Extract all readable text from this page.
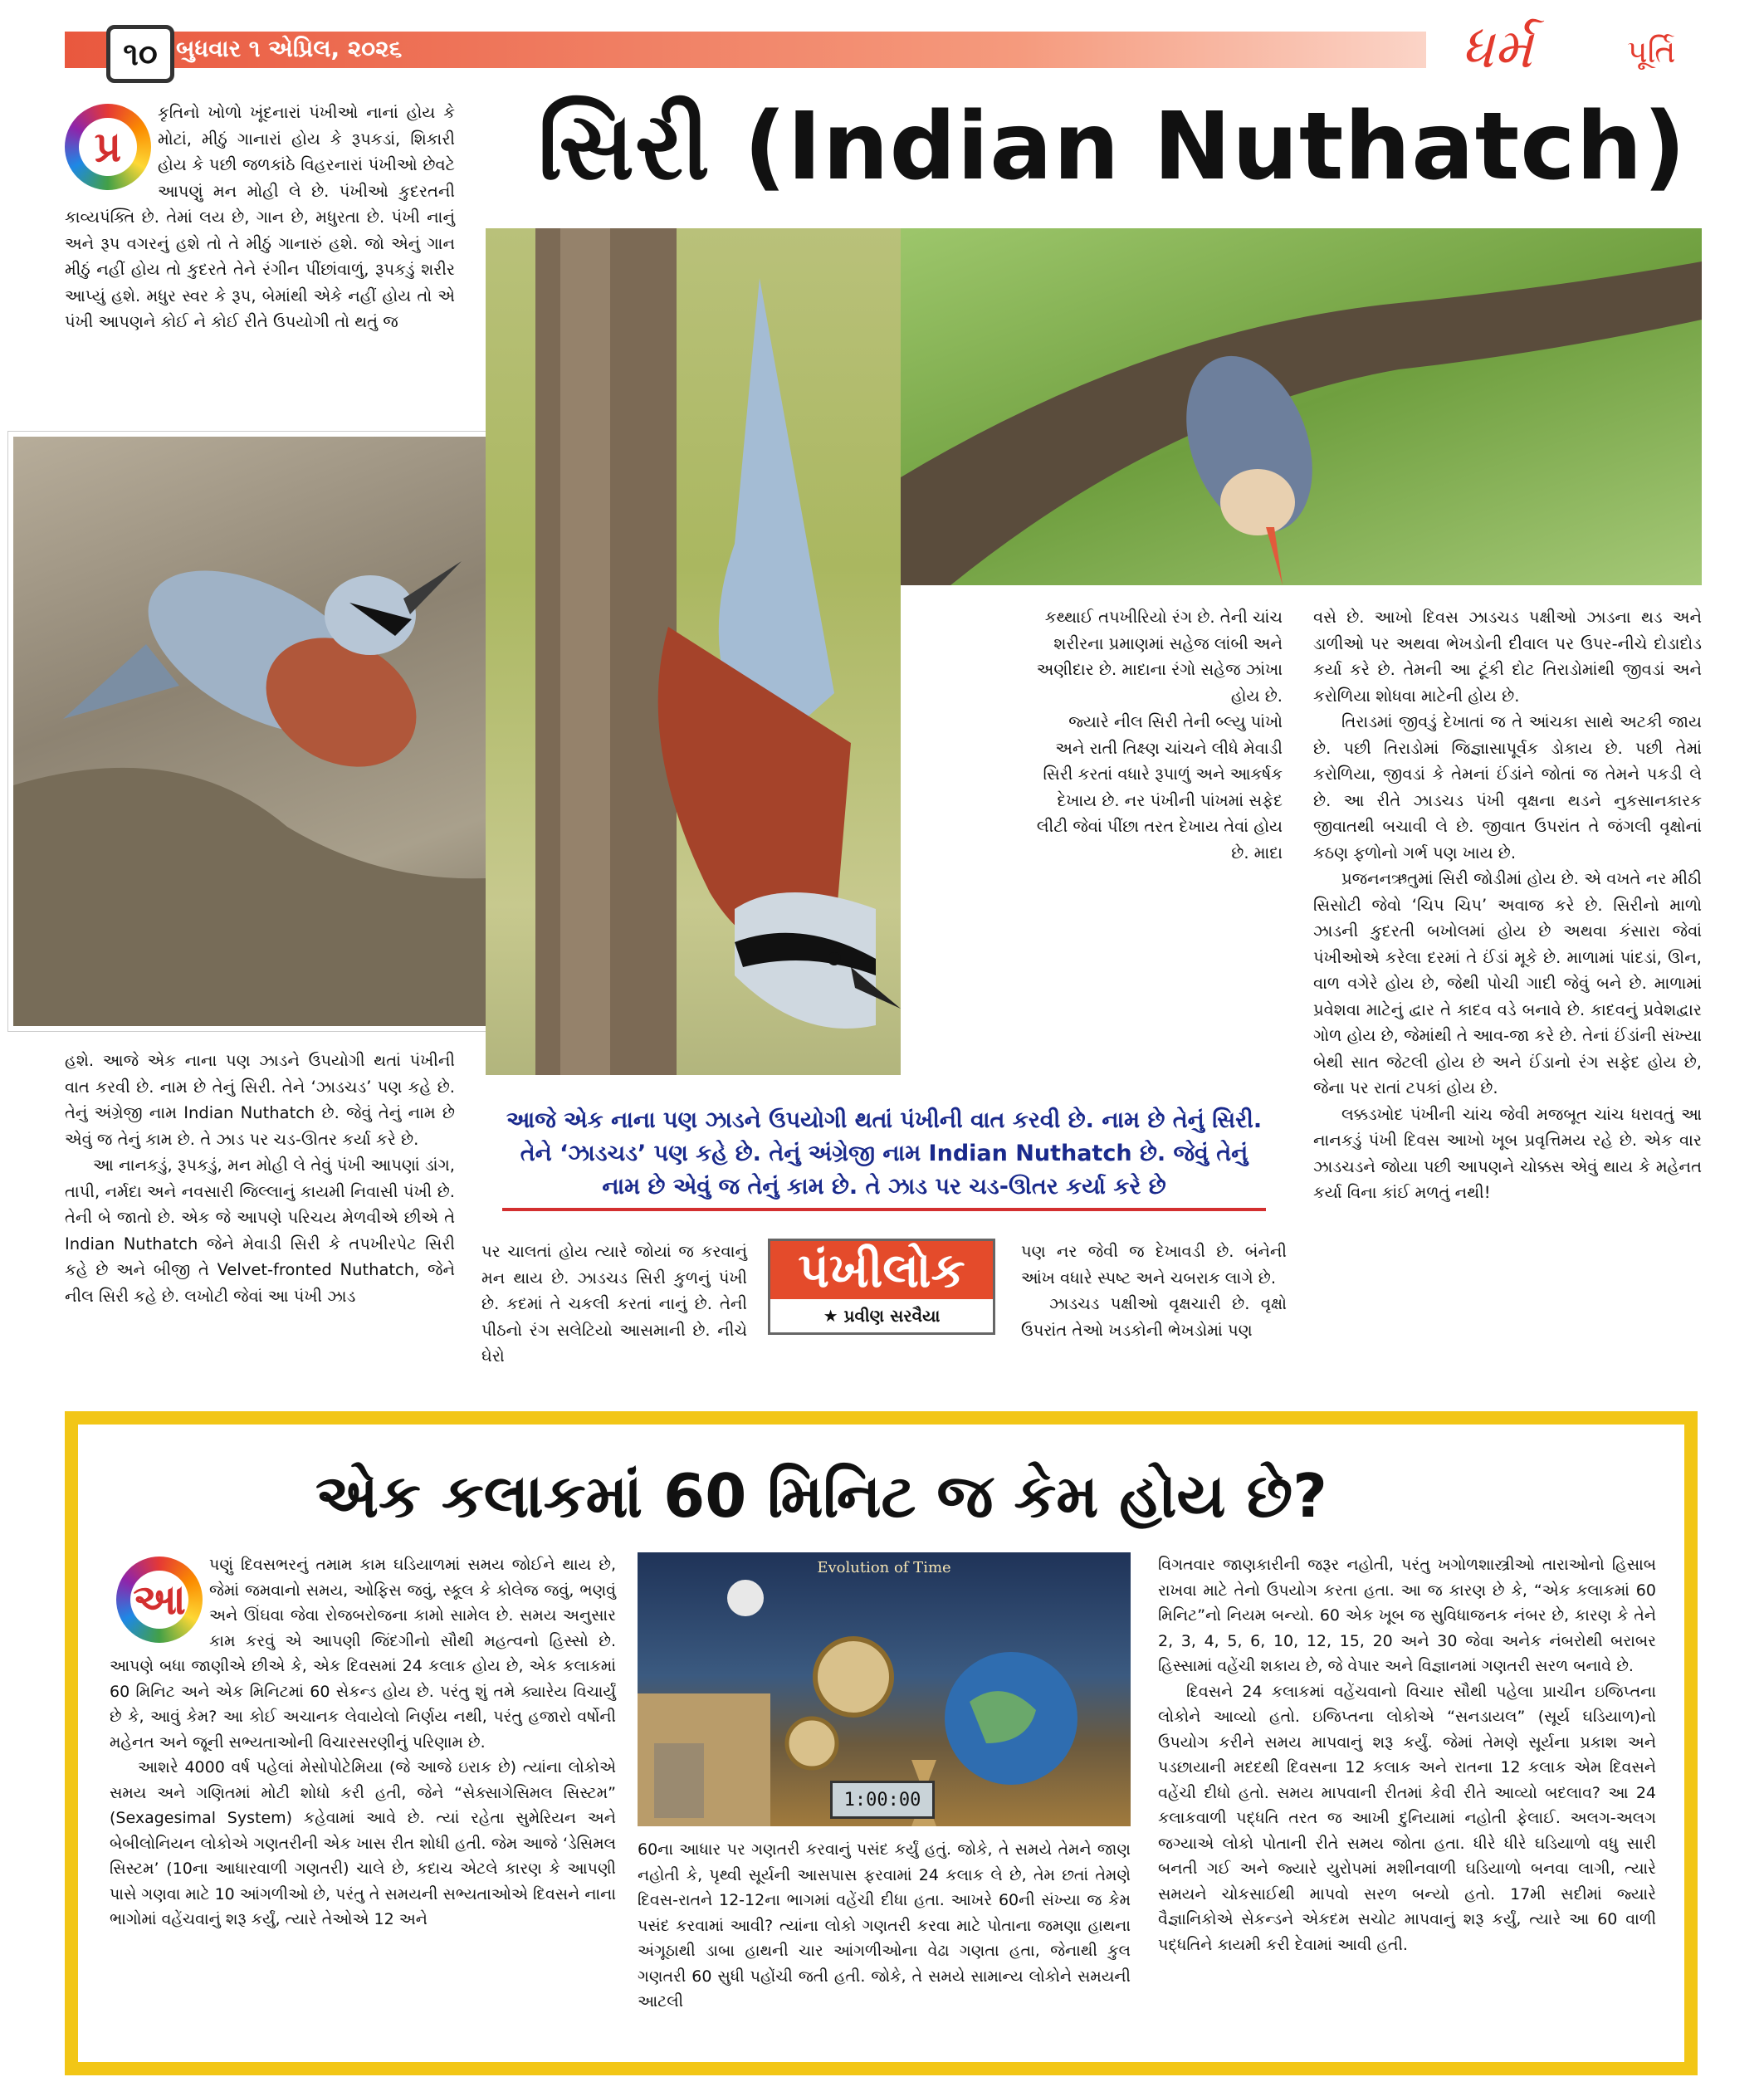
૧૦ બુધવાર ૧ એપ્રિલ, ૨૦૨૬	ધર્મ	પૂર્તિ
સિરી (Indian Nuthatch)
પ્ર

કૃતિનો ખોળો ખૂંદનારાં પંખીઓ નાનાં હોય કે મોટાં, મીઠું ગાનારાં હોય કે રૂપકડાં, શિકારી હોય કે પછી જળકાંઠે વિહરનારાં પંખીઓ છેવટે આપણું મન મોહી લે છે. પંખીઓ કુદરતની કાવ્યપંક્તિ છે. તેમાં લય છે, ગાન છે, મધુરતા છે. પંખી નાનું અને રૂપ વગરનું હશે તો તે મીઠું ગાનારું હશે. જો એનું ગાન મીઠું નહીં હોય તો કુદરતે તેને રંગીન પીંછાંવાળું, રૂપકડું શરીર આપ્યું હશે. મધુર સ્વર કે રૂપ, બેમાંથી એકે નહીં હોય તો એ પંખી આપણને કોઈ ને કોઈ રીતે ઉપયોગી તો થતું જ

કથ્થાઈ તપખીરિયો રંગ છે. તેની ચાંચ શરીરના પ્રમાણમાં સહેજ લાંબી અને અણીદાર છે. માદાના રંગો સહેજ ઝાંખા હોય છે.

જ્યારે નીલ સિરી તેની બ્લ્યુ પાંખો અને રાતી તિક્ષ્ણ ચાંચને લીધે મેવાડી સિરી કરતાં વધારે રૂપાળું અને આકર્ષક દેખાય છે. નર પંખીની પાંખમાં સફેદ લીટી જેવાં પીંછા તરત દેખાય તેવાં હોય છે. માદા

વસે છે. આખો દિવસ ઝાડચડ પક્ષીઓ ઝાડના થડ અને ડાળીઓ પર અથવા ભેખડોની દીવાલ પર ઉપર-નીચે દોડાદોડ કર્યા કરે છે. તેમની આ ટૂંકી દોટ તિરાડોમાંથી જીવડાં અને કરોળિયા શોધવા માટેની હોય છે.

તિરાડમાં જીવડું દેખાતાં જ તે આંચકા સાથે અટકી જાય છે. પછી તિરાડોમાં જિજ્ઞાસાપૂર્વક ડોકાય છે. પછી તેમાં કરોળિયા, જીવડાં કે તેમનાં ઈંડાંને જોતાં જ તેમને પકડી લે છે. આ રીતે ઝાડચડ પંખી વૃક્ષના થડને નુકસાનકારક જીવાતથી બચાવી લે છે. જીવાત ઉપરાંત તે જંગલી વૃક્ષોનાં કઠણ ફળોનો ગર્ભ પણ ખાય છે.

પ્રજનનઋતુમાં સિરી જોડીમાં હોય છે. એ વખતે નર મીઠી સિસોટી જેવો ‘ચિપ ચિપ’ અવાજ કરે છે. સિરીનો માળો ઝાડની કુદરતી બખોલમાં હોય છે અથવા કંસારા જેવાં પંખીઓએ કરેલા દરમાં તે ઈંડાં મૂકે છે. માળામાં પાંદડાં, ઊન, વાળ વગેરે હોય છે, જેથી પોચી ગાદી જેવું બને છે. માળામાં પ્રવેશવા માટેનું દ્વાર તે કાદવ વડે બનાવે છે. કાદવનું પ્રવેશદ્વાર ગોળ હોય છે, જેમાંથી તે આવ-જા કરે છે. તેનાં ઈંડાંની સંખ્યા બેથી સાત જેટલી હોય છે અને ઈંડાનો રંગ સફેદ હોય છે, જેના પર રાતાં ટપકાં હોય છે.

લક્કડખોદ પંખીની ચાંચ જેવી મજબૂત ચાંચ ધરાવતું આ નાનકડું પંખી દિવસ આખો ખૂબ પ્રવૃત્તિમય રહે છે. એક વાર ઝાડચડને જોયા પછી આપણને ચોક્કસ એવું થાય કે મહેનત કર્યા વિના કાંઈ મળતું નથી!

હશે. આજે એક નાના પણ ઝાડને ઉપયોગી થતાં પંખીની વાત કરવી છે. નામ છે તેનું સિરી. તેને ‘ઝાડચડ’ પણ કહે છે. તેનું અંગ્રેજી નામ Indian Nuthatch છે. જેવું તેનું નામ છે એવું જ તેનું કામ છે. તે ઝાડ પર ચડ-ઊતર કર્યા કરે છે.

આ નાનકડું, રૂપકડું, મન મોહી લે તેવું પંખી આપણાં ડાંગ, તાપી, નર્મદા અને નવસારી જિલ્લાનું કાયમી નિવાસી પંખી છે. તેની બે જાતો છે. એક જે આપણે પરિચય મેળવીએ છીએ તે Indian Nuthatch જેને મેવાડી સિરી કે તપખીરપેટ સિરી કહે છે અને બીજી તે Velvet-fronted Nuthatch, જેને નીલ સિરી કહે છે. લખોટી જેવાં આ પંખી ઝાડ

આજે એક નાના પણ ઝાડને ઉપયોગી થતાં પંખીની વાત કરવી છે. નામ છે તેનું સિરી. તેને ‘ઝાડચડ’ પણ કહે છે. તેનું અંગ્રેજી નામ Indian Nuthatch છે. જેવું તેનું નામ છે એવું જ તેનું કામ છે. તે ઝાડ પર ચડ-ઊતર કર્યા કરે છે

પર ચાલતાં હોય ત્યારે જોયાં જ કરવાનું મન થાય છે. ઝાડચડ સિરી કુળનું પંખી છે. કદમાં તે ચકલી કરતાં નાનું છે. તેની પીઠનો રંગ સલેટિયો આસમાની છે. નીચે ઘેરો

પંખીલોક
★ પ્રવીણ સરવૈયા

પણ નર જેવી જ દેખાવડી છે. બંનેની આંખ વધારે સ્પષ્ટ અને ચબરાક લાગે છે.

ઝાડચડ પક્ષીઓ વૃક્ષચારી છે. વૃક્ષો ઉપરાંત તેઓ ખડકોની ભેખડોમાં પણ

એક કલાકમાં 60 મિનિટ જ કેમ હોય છે?
આ

પણું દિવસભરનું તમામ કામ ઘડિયાળમાં સમય જોઈને થાય છે, જેમાં જમવાનો સમય, ઓફિસ જવું, સ્કૂલ કે કોલેજ જવું, ભણવું અને ઊંઘવા જેવા રોજબરોજના કામો સામેલ છે. સમય અનુસાર કામ કરવું એ આપણી જિંદગીનો સૌથી મહત્વનો હિસ્સો છે. આપણે બધા જાણીએ છીએ કે, એક દિવસમાં 24 કલાક હોય છે, એક કલાકમાં 60 મિનિટ અને એક મિનિટમાં 60 સેકન્ડ હોય છે. પરંતુ શું તમે ક્યારેય વિચાર્યું છે કે, આવું કેમ? આ કોઈ અચાનક લેવાયેલો નિર્ણય નથી, પરંતુ હજારો વર્ષોની મહેનત અને જૂની સભ્યતાઓની વિચારસરણીનું પરિણામ છે.

આશરે 4000 વર્ષ પહેલાં મેસોપોટેમિયા (જે આજે ઇરાક છે) ત્યાંના લોકોએ સમય અને ગણિતમાં મોટી શોધો કરી હતી, જેને “સેક્સાગેસિમલ સિસ્ટમ” (Sexagesimal System) કહેવામાં આવે છે. ત્યાં રહેતા સુમેરિયન અને બેબીલોનિયન લોકોએ ગણતરીની એક ખાસ રીત શોધી હતી. જેમ આજે ‘ડેસિમલ સિસ્ટમ’ (10ના આધારવાળી ગણતરી) ચાલે છે, કદાચ એટલે કારણ કે આપણી પાસે ગણવા માટે 10 આંગળીઓ છે, પરંતુ તે સમયની સભ્યતાઓએ દિવસને નાના ભાગોમાં વહેંચવાનું શરૂ કર્યું, ત્યારે તેઓએ 12 અને

Evolution of Time
1:00:00

60ના આધાર પર ગણતરી કરવાનું પસંદ કર્યું હતું. જોકે, તે સમયે તેમને જાણ નહોતી કે, પૃથ્વી સૂર્યની આસપાસ ફરવામાં 24 કલાક લે છે, તેમ છતાં તેમણે દિવસ-રાતને 12-12ના ભાગમાં વહેંચી દીધા હતા. આખરે 60ની સંખ્યા જ કેમ પસંદ કરવામાં આવી? ત્યાંના લોકો ગણતરી કરવા માટે પોતાના જમણા હાથના અંગૂઠાથી ડાબા હાથની ચાર આંગળીઓના વેઢા ગણતા હતા, જેનાથી કુલ ગણતરી 60 સુધી પહોંચી જતી હતી. જોકે, તે સમયે સામાન્ય લોકોને સમયની આટલી

વિગતવાર જાણકારીની જરૂર નહોતી, પરંતુ ખગોળશાસ્ત્રીઓ તારાઓનો હિસાબ રાખવા માટે તેનો ઉપયોગ કરતા હતા. આ જ કારણ છે કે, “એક કલાકમાં 60 મિનિટ”નો નિયમ બન્યો. 60 એક ખૂબ જ સુવિધાજનક નંબર છે, કારણ કે તેને 2, 3, 4, 5, 6, 10, 12, 15, 20 અને 30 જેવા અનેક નંબરોથી બરાબર હિસ્સામાં વહેંચી શકાય છે, જે વેપાર અને વિજ્ઞાનમાં ગણતરી સરળ બનાવે છે.

દિવસને 24 કલાકમાં વહેંચવાનો વિચાર સૌથી પહેલા પ્રાચીન ઇજિપ્તના લોકોને આવ્યો હતો. ઇજિપ્તના લોકોએ “સનડાયલ” (સૂર્ય ઘડિયાળ)નો ઉપયોગ કરીને સમય માપવાનું શરૂ કર્યું. જેમાં તેમણે સૂર્યના પ્રકાશ અને પડછાયાની મદદથી દિવસના 12 કલાક અને રાતના 12 કલાક એમ દિવસને વહેંચી દીધો હતો. સમય માપવાની રીતમાં કેવી રીતે આવ્યો બદલાવ? આ 24 કલાકવાળી પદ્ધતિ તરત જ આખી દુનિયામાં નહોતી ફેલાઈ. અલગ-અલગ જગ્યાએ લોકો પોતાની રીતે સમય જોતા હતા. ધીરે ધીરે ઘડિયાળો વધુ સારી બનતી ગઈ અને જ્યારે યુરોપમાં મશીનવાળી ઘડિયાળો બનવા લાગી, ત્યારે સમયને ચોકસાઈથી માપવો સરળ બન્યો હતો. 17મી સદીમાં જ્યારે વૈજ્ઞાનિકોએ સેકન્ડને એકદમ સચોટ માપવાનું શરૂ કર્યું, ત્યારે આ 60 વાળી પદ્ધતિને કાયમી કરી દેવામાં આવી હતી.
